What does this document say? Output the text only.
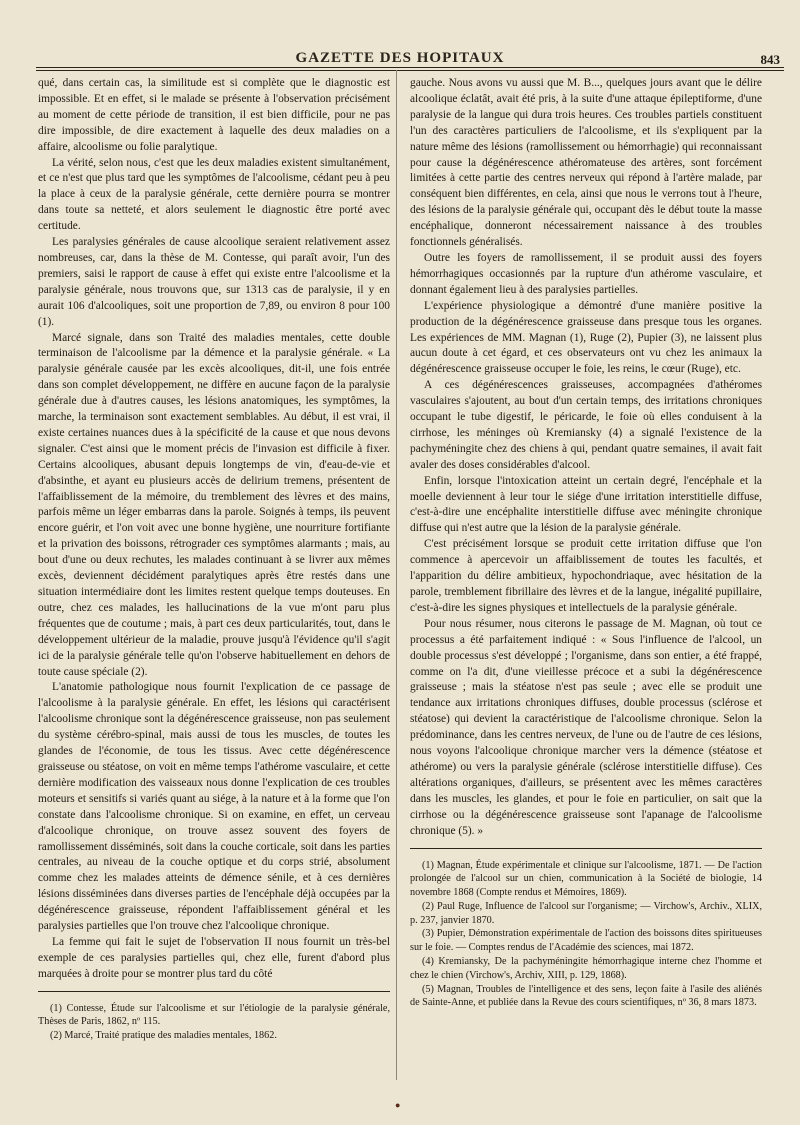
GAZETTE DES HOPITAUX	843

qué, dans certain cas, la similitude est si complète que le diagnostic est impossible. Et en effet, si le malade se présente à l'observation précisément au moment de cette période de transition, il est bien difficile, pour ne pas dire impossible, de dire exactement à laquelle des deux maladies on a affaire, alcoolisme ou folie paralytique.

La vérité, selon nous, c'est que les deux maladies existent simultanément, et ce n'est que plus tard que les symptômes de l'alcoolisme, cédant peu à peu la place à ceux de la paralysie générale, cette dernière pourra se montrer dans toute sa netteté, et alors seulement le diagnostic être porté avec certitude.

Les paralysies générales de cause alcoolique seraient relativement assez nombreuses, car, dans la thèse de M. Contesse, qui paraît avoir, l'un des premiers, saisi le rapport de cause à effet qui existe entre l'alcoolisme et la paralysie générale, nous trouvons que, sur 1313 cas de paralysie, il y en aurait 106 d'alcooliques, soit une proportion de 7,89, ou environ 8 pour 100 (1).

Marcé signale, dans son Traité des maladies mentales, cette double terminaison de l'alcoolisme par la démence et la paralysie générale. « La paralysie générale causée par les excès alcooliques, dit-il, une fois entrée dans son complet développement, ne diffère en aucune façon de la paralysie générale due à d'autres causes, les lésions anatomiques, les symptômes, la marche, la terminaison sont exactement semblables. Au début, il est vrai, il existe certaines nuances dues à la spécificité de la cause et que nous devons signaler. C'est ainsi que le moment précis de l'invasion est difficile à fixer. Certains alcooliques, abusant depuis longtemps de vin, d'eau-de-vie et d'absinthe, et ayant eu plusieurs accès de delirium tremens, présentent de l'affaiblissement de la mémoire, du tremblement des lèvres et des mains, parfois même un léger embarras dans la parole. Soignés à temps, ils peuvent encore guérir, et l'on voit avec une bonne hygiène, une nourriture fortifiante et la privation des boissons, rétrograder ces symptômes alarmants ; mais, au bout d'une ou deux rechutes, les malades continuant à se livrer aux mêmes excès, deviennent décidément paralytiques après être restés dans une situation intermédiaire dont les limites restent quelque temps douteuses. En outre, chez ces malades, les hallucinations de la vue m'ont paru plus fréquentes que de coutume ; mais, à part ces deux particularités, tout, dans le développement ultérieur de la maladie, prouve jusqu'à l'évidence qu'il s'agit ici de la paralysie générale telle qu'on l'observe habituellement en dehors de toute cause spéciale (2).

L'anatomie pathologique nous fournit l'explication de ce passage de l'alcoolisme à la paralysie générale. En effet, les lésions qui caractérisent l'alcoolisme chronique sont la dégénérescence graisseuse, non pas seulement du système cérébro-spinal, mais aussi de tous les muscles, de toutes les glandes de l'économie, de tous les tissus. Avec cette dégénérescence graisseuse ou stéatose, on voit en même temps l'athérome vasculaire, et cette dernière modification des vaisseaux nous donne l'explication de ces troubles moteurs et sensitifs si variés quant au siége, à la nature et à la forme que l'on constate dans l'alcoolisme chronique. Si on examine, en effet, un cerveau d'alcoolique chronique, on trouve assez souvent des foyers de ramollissement disséminés, soit dans la couche corticale, soit dans les parties centrales, au niveau de la couche optique et du corps strié, absolument comme chez les malades atteints de démence sénile, et à ces dernières lésions disséminées dans diverses parties de l'encéphale déjà occupées par la dégénérescence graisseuse, répondent l'affaiblissement général et les paralysies partielles que l'on trouve chez l'alcoolique chronique.

La femme qui fait le sujet de l'observation II nous fournit un très-bel exemple de ces paralysies partielles qui, chez elle, furent d'abord plus marquées à droite pour se montrer plus tard du côté

(1) Contesse, Étude sur l'alcoolisme et sur l'étiologie de la paralysie générale, Thèses de Paris, 1862, nº 115.

(2) Marcé, Traité pratique des maladies mentales, 1862.

gauche. Nous avons vu aussi que M. B..., quelques jours avant que le délire alcoolique éclatât, avait été pris, à la suite d'une attaque épileptiforme, d'une paralysie de la langue qui dura trois heures. Ces troubles partiels constituent l'un des caractères particuliers de l'alcoolisme, et ils s'expliquent par la nature même des lésions (ramollissement ou hémorrhagie) qui reconnaissant pour cause la dégénérescence athéromateuse des artères, sont forcément limitées à cette partie des centres nerveux qui répond à l'artère malade, par conséquent bien différentes, en cela, ainsi que nous le verrons tout à l'heure, des lésions de la paralysie générale qui, occupant dès le début toute la masse encéphalique, donneront nécessairement naissance à des troubles fonctionnels généralisés.

Outre les foyers de ramollissement, il se produit aussi des foyers hémorrhagiques occasionnés par la rupture d'un athérome vasculaire, et donnant également lieu à des paralysies partielles.

L'expérience physiologique a démontré d'une manière positive la production de la dégénérescence graisseuse dans presque tous les organes. Les expériences de MM. Magnan (1), Ruge (2), Pupier (3), ne laissent plus aucun doute à cet égard, et ces observateurs ont vu chez les animaux la dégénérescence graisseuse occuper le foie, les reins, le cœur (Ruge), etc.

A ces dégénérescences graisseuses, accompagnées d'athéromes vasculaires s'ajoutent, au bout d'un certain temps, des irritations chroniques occupant le tube digestif, le péricarde, le foie où elles conduisent à la cirrhose, les méninges où Kremiansky (4) a signalé l'existence de la pachyméningite chez des chiens à qui, pendant quatre semaines, il avait fait avaler des doses considérables d'alcool.

Enfin, lorsque l'intoxication atteint un certain degré, l'encéphale et la moelle deviennent à leur tour le siége d'une irritation interstitielle diffuse, c'est-à-dire une encéphalite interstitielle diffuse avec méningite chronique diffuse qui n'est autre que la lésion de la paralysie générale.

C'est précisément lorsque se produit cette irritation diffuse que l'on commence à apercevoir un affaiblissement de toutes les facultés, et l'apparition du délire ambitieux, hypochondriaque, avec hésitation de la parole, tremblement fibrillaire des lèvres et de la langue, inégalité pupillaire, c'est-à-dire les signes physiques et intellectuels de la paralysie générale.

Pour nous résumer, nous citerons le passage de M. Magnan, où tout ce processus a été parfaitement indiqué : « Sous l'influence de l'alcool, un double processus s'est développé ; l'organisme, dans son entier, a été frappé, comme on l'a dit, d'une vieillesse précoce et a subi la dégénérescence graisseuse ; mais la stéatose n'est pas seule ; avec elle se produit une tendance aux irritations chroniques diffuses, double processus (sclérose et stéatose) qui devient la caractéristique de l'alcoolisme chronique. Selon la prédominance, dans les centres nerveux, de l'une ou de l'autre de ces lésions, nous voyons l'alcoolique chronique marcher vers la démence (stéatose et athérome) ou vers la paralysie générale (sclérose interstitielle diffuse). Ces altérations organiques, d'ailleurs, se présentent avec les mêmes caractères dans les muscles, les glandes, et pour le foie en particulier, on sait que la cirrhose ou la dégénérescence graisseuse sont l'apanage de l'alcoolisme chronique (5). »

(1) Magnan, Étude expérimentale et clinique sur l'alcoolisme, 1871. — De l'action prolongée de l'alcool sur un chien, communication à la Société de biologie, 14 novembre 1868 (Compte rendus et Mémoires, 1869).

(2) Paul Ruge, Influence de l'alcool sur l'organisme; — Virchow's, Archiv., XLIX, p. 237, janvier 1870.

(3) Pupier, Démonstration expérimentale de l'action des boissons dites spiritueuses sur le foie. — Comptes rendus de l'Académie des sciences, mai 1872.

(4) Kremiansky, De la pachyméningite hémorrhagique interne chez l'homme et chez le chien (Virchow's, Archiv, XIII, p. 129, 1868).

(5) Magnan, Troubles de l'intelligence et des sens, leçon faite à l'asile des aliénés de Sainte-Anne, et publiée dans la Revue des cours scientifiques, nº 36, 8 mars 1873.

●
